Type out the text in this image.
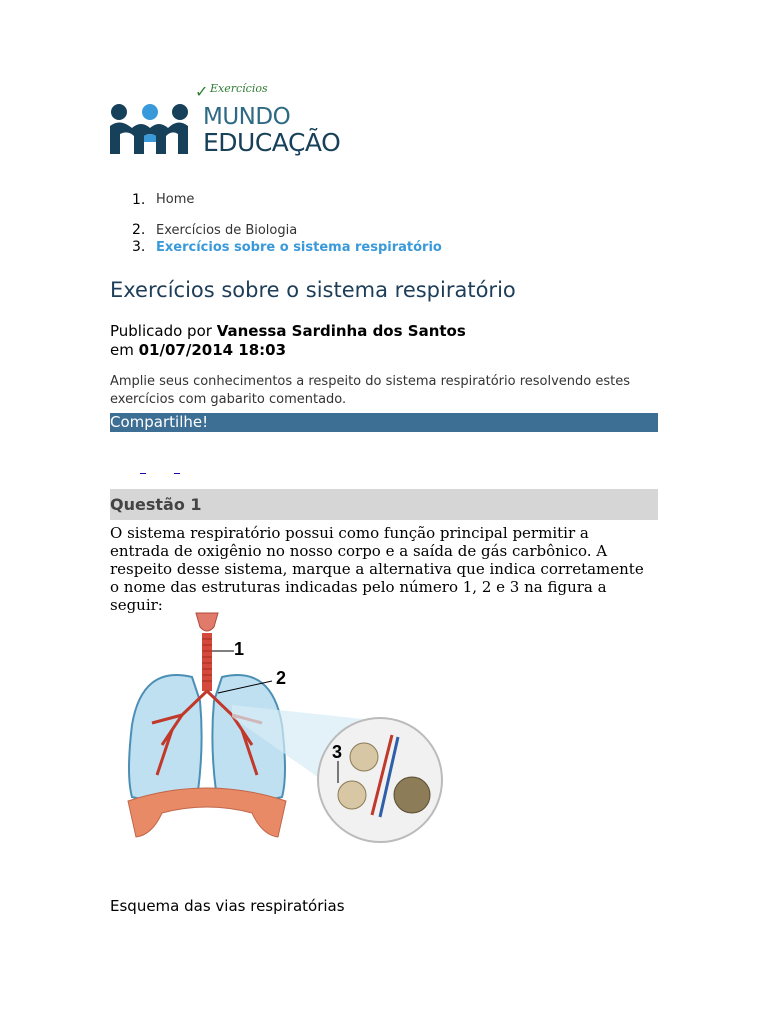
Exercícios
✓
MUNDO
EDUCAÇÃO
1. Home
2. Exercícios de Biologia
3. Exercícios sobre o sistema respiratório
Exercícios sobre o sistema respiratório
Publicado por Vanessa Sardinha dos Santos
em 01/07/2014 18:03
Amplie seus conhecimentos a respeito do sistema respiratório resolvendo estes exercícios com gabarito comentado.
Compartilhe!
Questão 1
O sistema respiratório possui como função principal permitir a entrada de oxigênio no nosso corpo e a saída de gás carbônico. A respeito desse sistema, marque a alternativa que indica corretamente o nome das estruturas indicadas pelo número 1, 2 e 3 na figura a seguir:
1
2
3
Esquema das vias respiratórias
